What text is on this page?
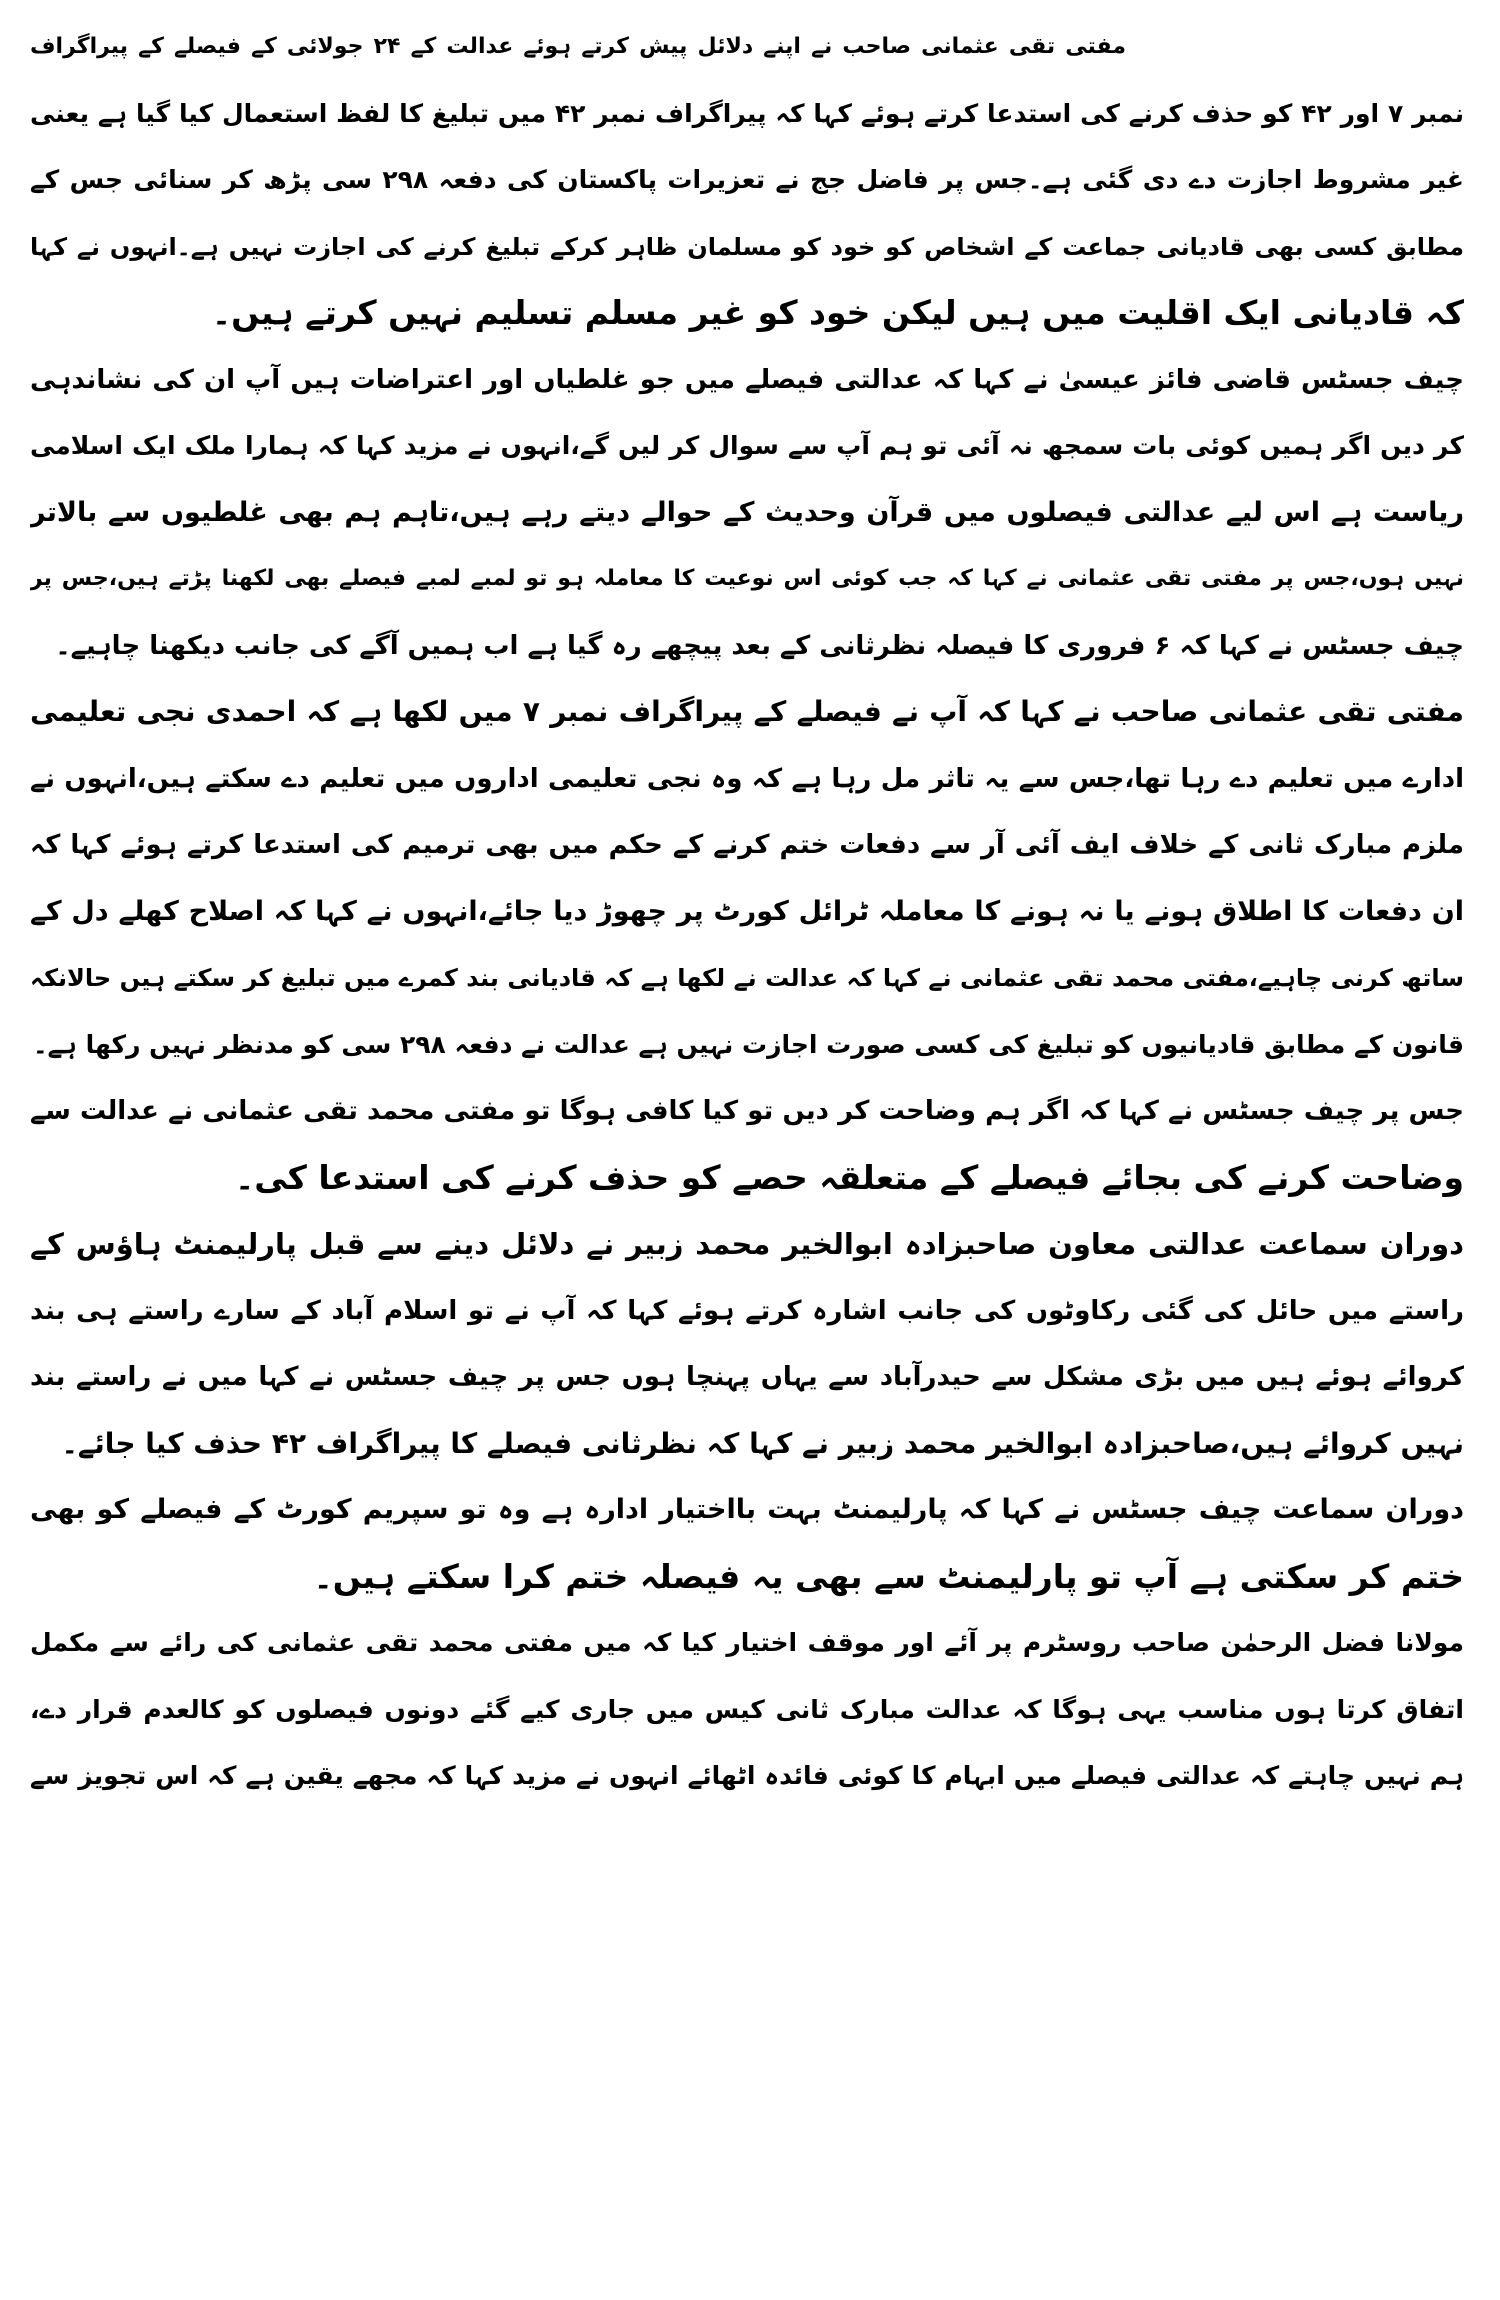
مفتی تقی عثمانی صاحب نے اپنے دلائل پیش کرتے ہوئے عدالت کے ۲۴ جولائی کے فیصلے کے پیراگراف
نمبر ۷ اور ۴۲ کو حذف کرنے کی استدعا کرتے ہوئے کہا کہ پیراگراف نمبر ۴۲ میں تبلیغ کا لفظ استعمال کیا گیا ہے یعنی
غیر مشروط اجازت دے دی گئی ہے۔جس پر فاضل جج نے تعزیرات پاکستان کی دفعہ ۲۹۸ سی پڑھ کر سنائی جس کے
مطابق کسی بھی قادیانی جماعت کے اشخاص کو خود کو مسلمان ظاہر کرکے تبلیغ کرنے کی اجازت نہیں ہے۔انہوں نے کہا
کہ قادیانی ایک اقلیت میں ہیں لیکن خود کو غیر مسلم تسلیم نہیں کرتے ہیں۔
چیف جسٹس قاضی فائز عیسیٰ نے کہا کہ عدالتی فیصلے میں جو غلطیاں اور اعتراضات ہیں آپ ان کی نشاندہی
کر دیں اگر ہمیں کوئی بات سمجھ نہ آئی تو ہم آپ سے سوال کر لیں گے،انہوں نے مزید کہا کہ ہمارا ملک ایک اسلامی
ریاست ہے اس لیے عدالتی فیصلوں میں قرآن وحدیث کے حوالے دیتے رہے ہیں،تاہم ہم بھی غلطیوں سے بالاتر
نہیں ہوں،جس پر مفتی تقی عثمانی نے کہا کہ جب کوئی اس نوعیت کا معاملہ ہو تو لمبے لمبے فیصلے بھی لکھنا پڑتے ہیں،جس پر
چیف جسٹس نے کہا کہ ۶ فروری کا فیصلہ نظرثانی کے بعد پیچھے رہ گیا ہے اب ہمیں آگے کی جانب دیکھنا چاہیے۔
مفتی تقی عثمانی صاحب نے کہا کہ آپ نے فیصلے کے پیراگراف نمبر ۷ میں لکھا ہے کہ احمدی نجی تعلیمی
ادارے میں تعلیم دے رہا تھا،جس سے یہ تاثر مل رہا ہے کہ وہ نجی تعلیمی اداروں میں تعلیم دے سکتے ہیں،انہوں نے
ملزم مبارک ثانی کے خلاف ایف آئی آر سے دفعات ختم کرنے کے حکم میں بھی ترمیم کی استدعا کرتے ہوئے کہا کہ
ان دفعات کا اطلاق ہونے یا نہ ہونے کا معاملہ ٹرائل کورٹ پر چھوڑ دیا جائے،انہوں نے کہا کہ اصلاح کھلے دل کے
ساتھ کرنی چاہیے،مفتی محمد تقی عثمانی نے کہا کہ عدالت نے لکھا ہے کہ قادیانی بند کمرے میں تبلیغ کر سکتے ہیں حالانکہ
قانون کے مطابق قادیانیوں کو تبلیغ کی کسی صورت اجازت نہیں ہے عدالت نے دفعہ ۲۹۸ سی کو مدنظر نہیں رکھا ہے۔
جس پر چیف جسٹس نے کہا کہ اگر ہم وضاحت کر دیں تو کیا کافی ہوگا تو مفتی محمد تقی عثمانی نے عدالت سے
وضاحت کرنے کی بجائے فیصلے کے متعلقہ حصے کو حذف کرنے کی استدعا کی۔
دوران سماعت عدالتی معاون صاحبزادہ ابوالخیر محمد زبیر نے دلائل دینے سے قبل پارلیمنٹ ہاؤس کے
راستے میں حائل کی گئی رکاوٹوں کی جانب اشارہ کرتے ہوئے کہا کہ آپ نے تو اسلام آباد کے سارے راستے ہی بند
کروائے ہوئے ہیں میں بڑی مشکل سے حیدرآباد سے یہاں پہنچا ہوں جس پر چیف جسٹس نے کہا میں نے راستے بند
نہیں کروائے ہیں،صاحبزادہ ابوالخیر محمد زبیر نے کہا کہ نظرثانی فیصلے کا پیراگراف ۴۲ حذف کیا جائے۔
دوران سماعت چیف جسٹس نے کہا کہ پارلیمنٹ بہت بااختیار ادارہ ہے وہ تو سپریم کورٹ کے فیصلے کو بھی
ختم کر سکتی ہے آپ تو پارلیمنٹ سے بھی یہ فیصلہ ختم کرا سکتے ہیں۔
مولانا فضل الرحمٰن صاحب روسٹرم پر آئے اور موقف اختیار کیا کہ میں مفتی محمد تقی عثمانی کی رائے سے مکمل
اتفاق کرتا ہوں مناسب یہی ہوگا کہ عدالت مبارک ثانی کیس میں جاری کیے گئے دونوں فیصلوں کو کالعدم قرار دے،
ہم نہیں چاہتے کہ عدالتی فیصلے میں ابہام کا کوئی فائدہ اٹھائے انہوں نے مزید کہا کہ مجھے یقین ہے کہ اس تجویز سے
